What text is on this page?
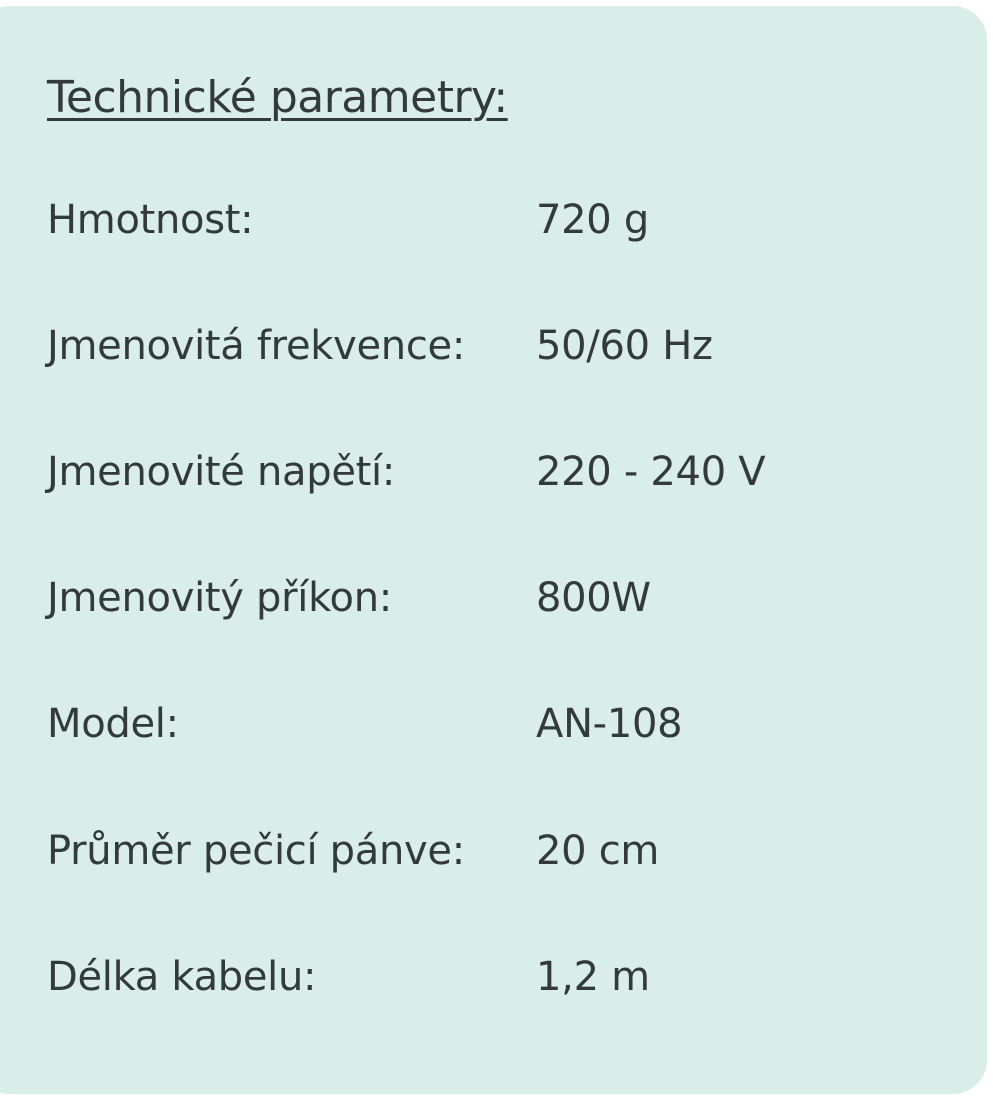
Technické parametry:
Hmotnost:	720 g
Jmenovitá frekvence: 50/60 Hz
Jmenovité napětí:	220 - 240 V
Jmenovitý příkon:	800W
Model:	AN-108
Průměr pečicí pánve: 20 cm
Délka kabelu:	1,2 m
